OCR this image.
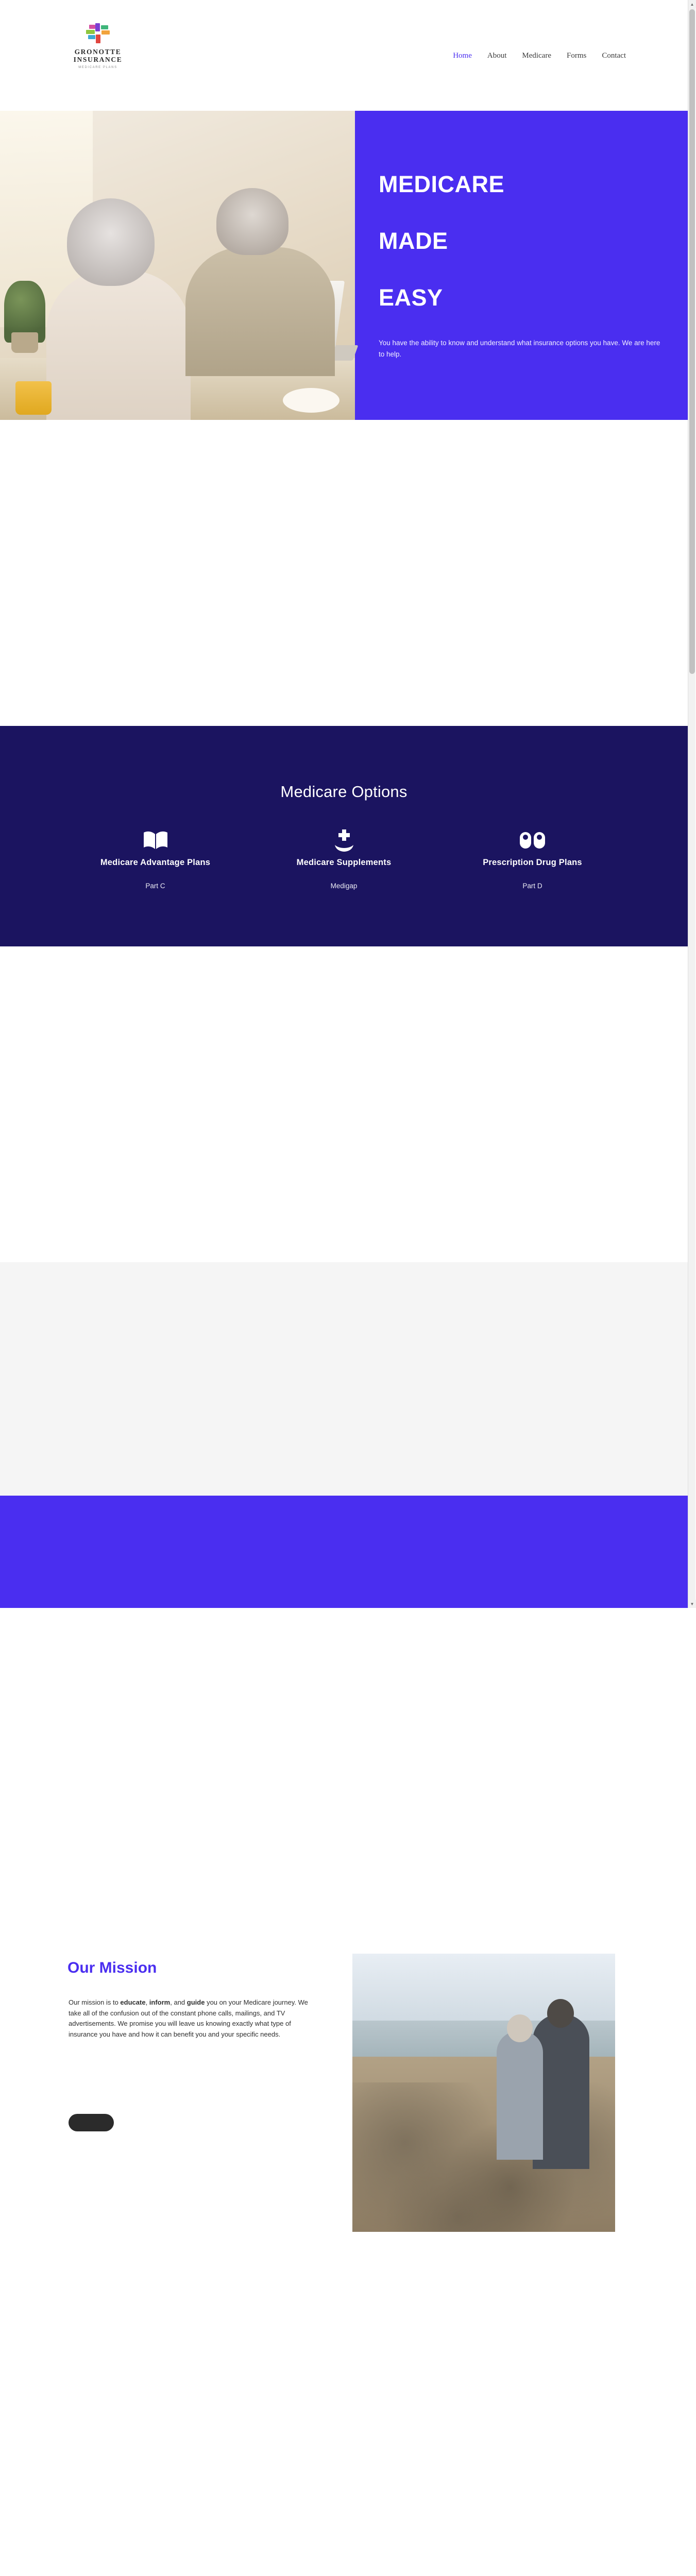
GRONOTTE
INSURANCE
MEDICARE PLANS
Home About Medicare Forms Contact
MEDICARE
MADE
EASY
You have the ability to know and understand what insurance options you have. We are here to help.

Medicare Options
Medicare Advantage Plans
Part C
Medicare Supplements
Medigap
Prescription Drug Plans
Part D
Our Mission
Our mission is to educate, inform, and guide you on your Medicare journey. We take all of the confusion out of the constant phone calls, mailings, and TV advertisements. We promise you will leave us knowing exactly what type of insurance you have and how it can benefit you and your specific needs.
▲
▼
